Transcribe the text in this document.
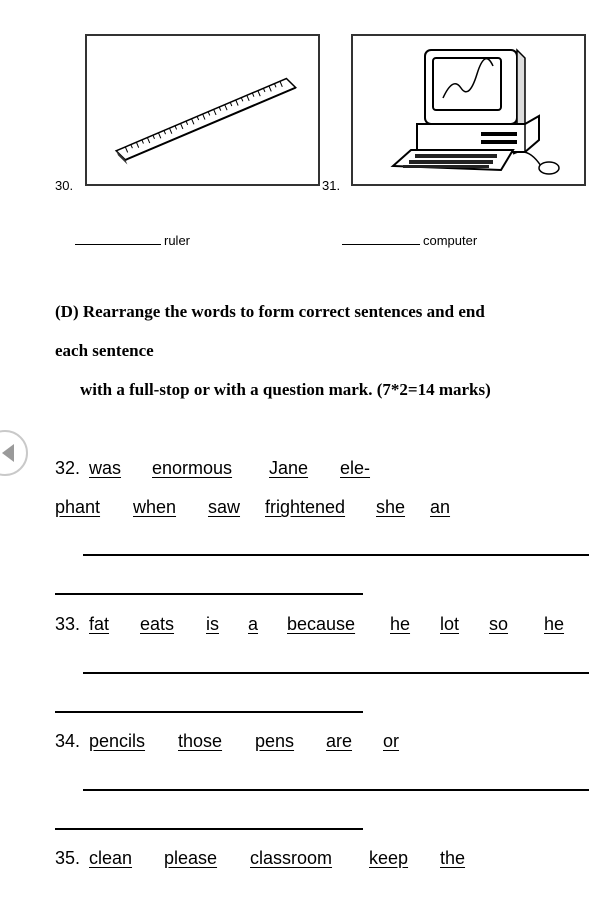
30.	31.
ruler	computer
(D) Rearrange the words to form correct sentences and end
each sentence
with a full-stop or with a question mark. (7*2=14 marks)
32. was enormous Jane ele-
phant when saw frightened she an
33. fat eats is a because he lot so he
34. pencils those pens are or
35. clean please classroom keep the
